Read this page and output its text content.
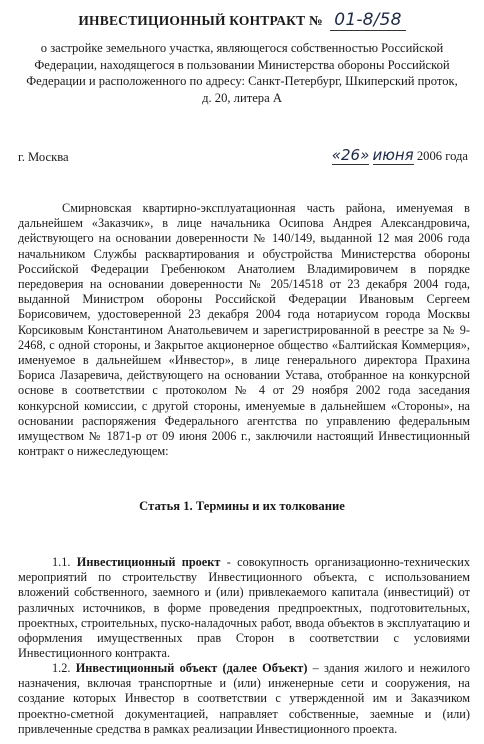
ИНВЕСТИЦИОННЫЙ КОНТРАКТ № 01-8/58
о застройке земельного участка, являющегося собственностью Российской Федерации, находящегося в пользовании Министерства обороны Российской Федерации и расположенного по адресу: Санкт-Петербург, Шкиперский проток, д. 20, литера А
г. Москва	«26» июня 2006 года
Смирновская квартирно-эксплуатационная часть района, именуемая в дальнейшем «Заказчик», в лице начальника Осипова Андрея Александровича, действующего на основании доверенности № 140/149, выданной 12 мая 2006 года начальником Службы расквартирования и обустройства Министерства обороны Российской Федерации Гребенюком Анатолием Владимировичем в порядке передоверия на основании доверенности № 205/14518 от 23 декабря 2004 года, выданной Министром обороны Российской Федерации Ивановым Сергеем Борисовичем, удостоверенной 23 декабря 2004 года нотариусом города Москвы Корсиковым Константином Анатольевичем и зарегистрированной в реестре за № 9-2468, с одной стороны, и Закрытое акционерное общество «Балтийская Коммерция», именуемое в дальнейшем «Инвестор», в лице генерального директора Прахина Бориса Лазаревича, действующего на основании Устава, отобранное на конкурсной основе в соответствии с протоколом № 4 от 29 ноября 2002 года заседания конкурсной комиссии, с другой стороны, именуемые в дальнейшем «Стороны», на основании распоряжения Федерального агентства по управлению федеральным имуществом № 1871-р от 09 июня 2006 г., заключили настоящий Инвестиционный контракт о нижеследующем:
Статья 1. Термины и их толкование
1.1. Инвестиционный проект - совокупность организационно-технических мероприятий по строительству Инвестиционного объекта, с использованием вложений собственного, заемного и (или) привлекаемого капитала (инвестиций) от различных источников, в форме проведения предпроектных, подготовительных, проектных, строительных, пуско-наладочных работ, ввода объектов в эксплуатацию и оформления имущественных прав Сторон в соответствии с условиями Инвестиционного контракта.
1.2. Инвестиционный объект (далее Объект) – здания жилого и нежилого назначения, включая транспортные и (или) инженерные сети и сооружения, на создание которых Инвестор в соответствии с утвержденной им и Заказчиком проектно-сметной документацией, направляет собственные, заемные и (или) привлеченные средства в рамках реализации Инвестиционного проекта.
